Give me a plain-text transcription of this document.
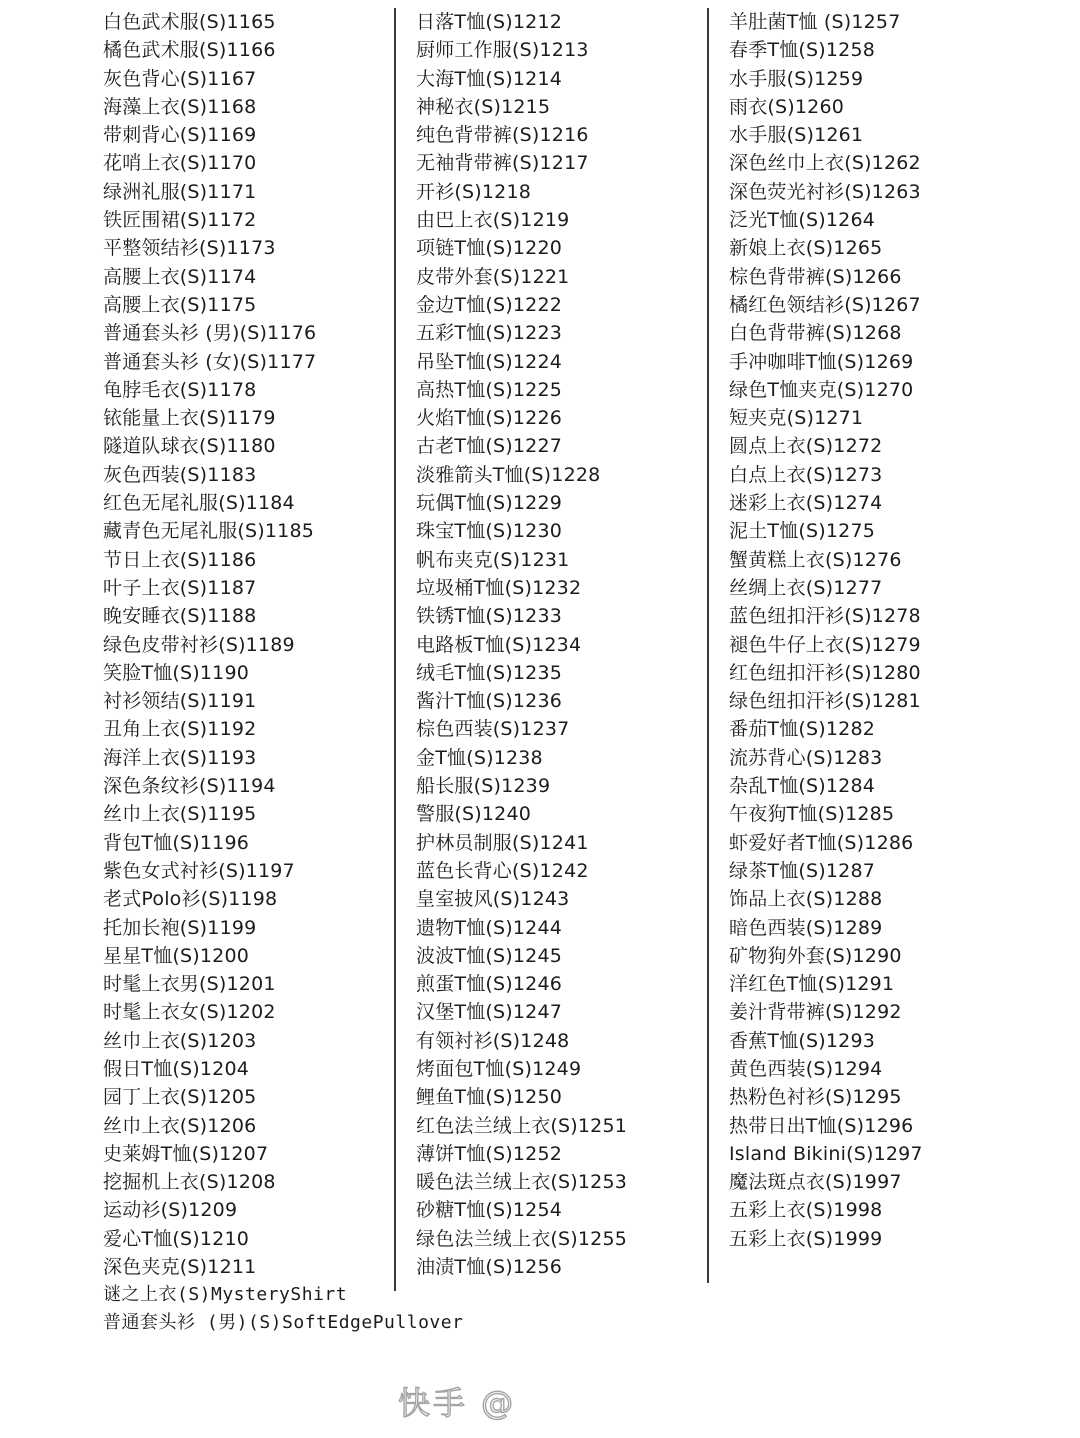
白色武术服(S)1165
橘色武术服(S)1166
灰色背心(S)1167
海藻上衣(S)1168
带刺背心(S)1169
花哨上衣(S)1170
绿洲礼服(S)1171
铁匠围裙(S)1172
平整领结衫(S)1173
高腰上衣(S)1174
高腰上衣(S)1175
普通套头衫 (男)(S)1176
普通套头衫 (女)(S)1177
龟脖毛衣(S)1178
铱能量上衣(S)1179
隧道队球衣(S)1180
灰色西装(S)1183
红色无尾礼服(S)1184
藏青色无尾礼服(S)1185
节日上衣(S)1186
叶子上衣(S)1187
晚安睡衣(S)1188
绿色皮带衬衫(S)1189
笑脸T恤(S)1190
衬衫领结(S)1191
丑角上衣(S)1192
海洋上衣(S)1193
深色条纹衫(S)1194
丝巾上衣(S)1195
背包T恤(S)1196
紫色女式衬衫(S)1197
老式Polo衫(S)1198
托加长袍(S)1199
星星T恤(S)1200
时髦上衣男(S)1201
时髦上衣女(S)1202
丝巾上衣(S)1203
假日T恤(S)1204
园丁上衣(S)1205
丝巾上衣(S)1206
史莱姆T恤(S)1207
挖掘机上衣(S)1208
运动衫(S)1209
爱心T恤(S)1210
深色夹克(S)1211
日落T恤(S)1212
厨师工作服(S)1213
大海T恤(S)1214
神秘衣(S)1215
纯色背带裤(S)1216
无袖背带裤(S)1217
开衫(S)1218
由巴上衣(S)1219
项链T恤(S)1220
皮带外套(S)1221
金边T恤(S)1222
五彩T恤(S)1223
吊坠T恤(S)1224
高热T恤(S)1225
火焰T恤(S)1226
古老T恤(S)1227
淡雅箭头T恤(S)1228
玩偶T恤(S)1229
珠宝T恤(S)1230
帆布夹克(S)1231
垃圾桶T恤(S)1232
铁锈T恤(S)1233
电路板T恤(S)1234
绒毛T恤(S)1235
酱汁T恤(S)1236
棕色西装(S)1237
金T恤(S)1238
船长服(S)1239
警服(S)1240
护林员制服(S)1241
蓝色长背心(S)1242
皇室披风(S)1243
遗物T恤(S)1244
波波T恤(S)1245
煎蛋T恤(S)1246
汉堡T恤(S)1247
有领衬衫(S)1248
烤面包T恤(S)1249
鲤鱼T恤(S)1250
红色法兰绒上衣(S)1251
薄饼T恤(S)1252
暖色法兰绒上衣(S)1253
砂糖T恤(S)1254
绿色法兰绒上衣(S)1255
油渍T恤(S)1256
羊肚菌T恤 (S)1257
春季T恤(S)1258
水手服(S)1259
雨衣(S)1260
水手服(S)1261
深色丝巾上衣(S)1262
深色荧光衬衫(S)1263
泛光T恤(S)1264
新娘上衣(S)1265
棕色背带裤(S)1266
橘红色领结衫(S)1267
白色背带裤(S)1268
手冲咖啡T恤(S)1269
绿色T恤夹克(S)1270
短夹克(S)1271
圆点上衣(S)1272
白点上衣(S)1273
迷彩上衣(S)1274
泥土T恤(S)1275
蟹黄糕上衣(S)1276
丝绸上衣(S)1277
蓝色纽扣汗衫(S)1278
褪色牛仔上衣(S)1279
红色纽扣汗衫(S)1280
绿色纽扣汗衫(S)1281
番茄T恤(S)1282
流苏背心(S)1283
杂乱T恤(S)1284
午夜狗T恤(S)1285
虾爱好者T恤(S)1286
绿茶T恤(S)1287
饰品上衣(S)1288
暗色西装(S)1289
矿物狗外套(S)1290
洋红色T恤(S)1291
姜汁背带裤(S)1292
香蕉T恤(S)1293
黄色西装(S)1294
热粉色衬衫(S)1295
热带日出T恤(S)1296
Island Bikini(S)1297
魔法斑点衣(S)1997
五彩上衣(S)1998
五彩上衣(S)1999
谜之上衣(S)MysteryShirt
普通套头衫 (男)(S)SoftEdgePullover
快手 @
